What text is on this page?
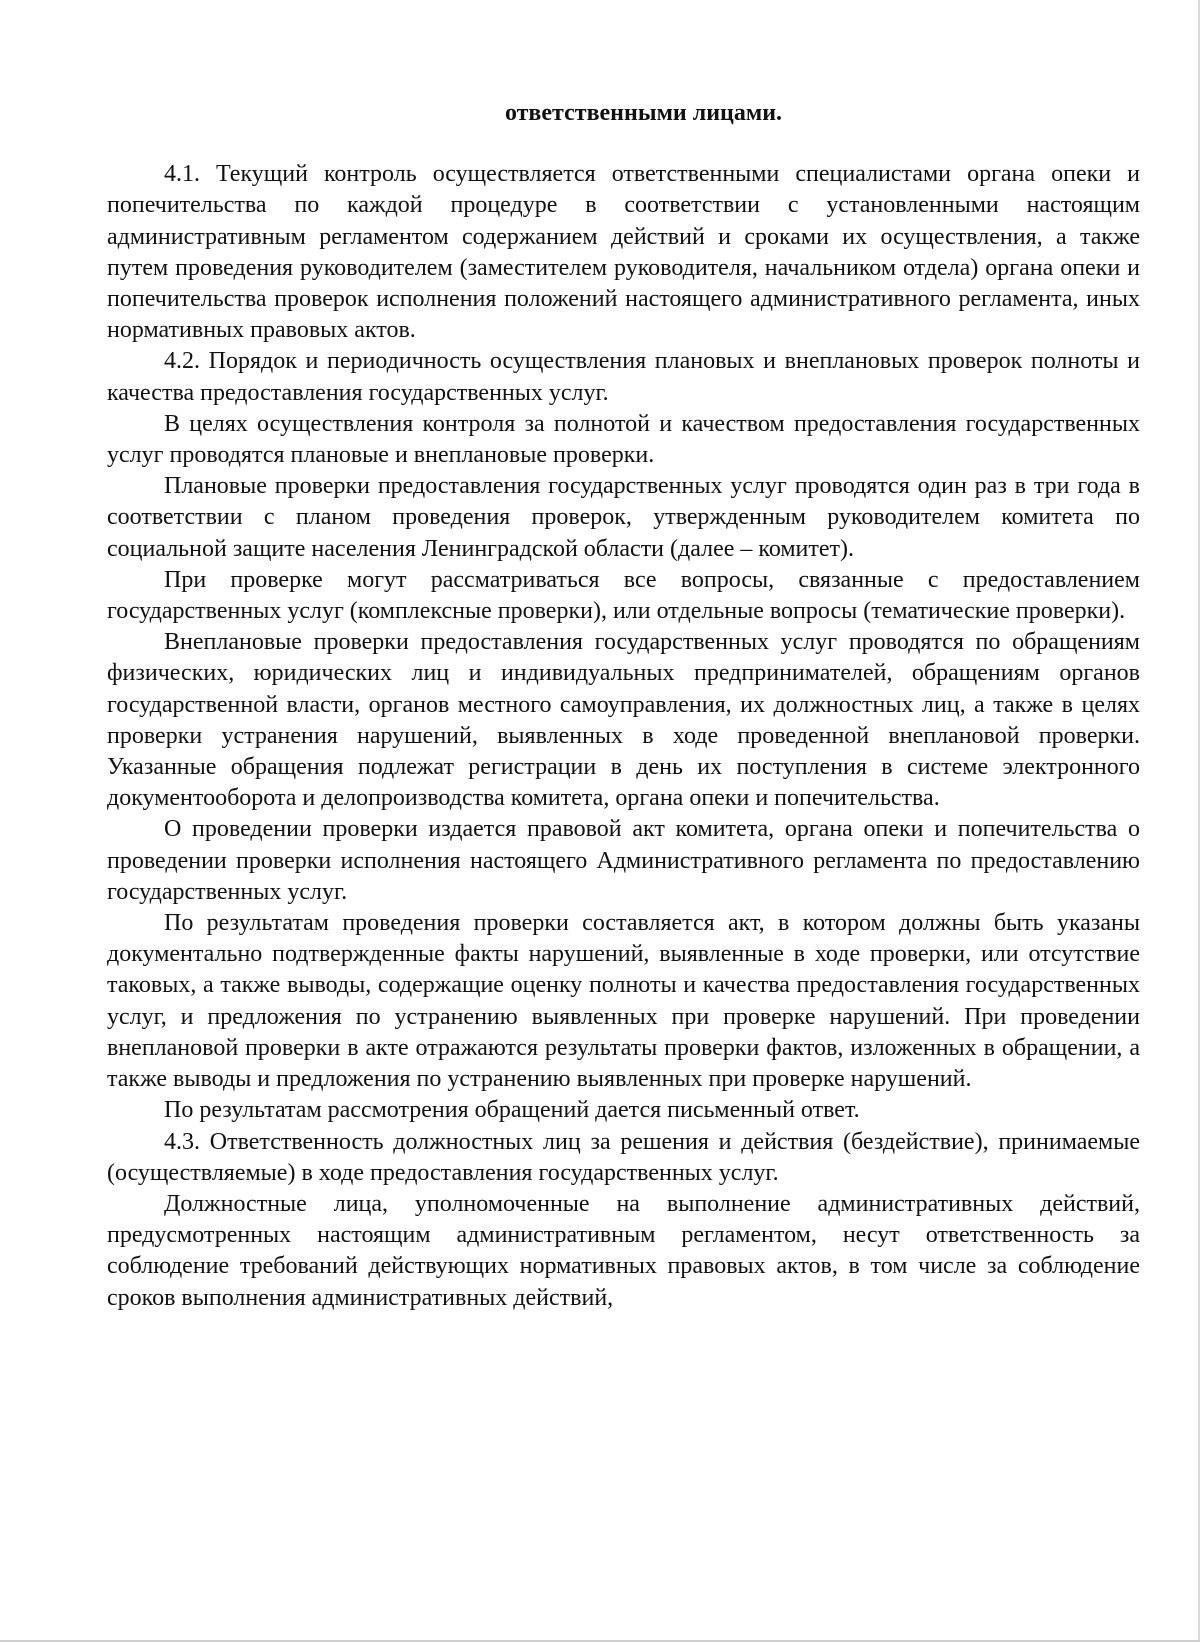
ответственными лицами.

4.1. Текущий контроль осуществляется ответственными специалистами органа опеки и попечительства по каждой процедуре в соответствии с установленными настоящим административным регламентом содержанием действий и сроками их осуществления, а также путем проведения руководителем (заместителем руководителя, начальником отдела) органа опеки и попечительства проверок исполнения положений настоящего административного регламента, иных нормативных правовых актов.

4.2. Порядок и периодичность осуществления плановых и внеплановых проверок полноты и качества предоставления государственных услуг.

В целях осуществления контроля за полнотой и качеством предоставления государственных услуг проводятся плановые и внеплановые проверки.

Плановые проверки предоставления государственных услуг проводятся один раз в три года в соответствии с планом проведения проверок, утвержденным руководителем комитета по социальной защите населения Ленинградской области (далее – комитет).

При проверке могут рассматриваться все вопросы, связанные с предоставлением государственных услуг (комплексные проверки), или отдельные вопросы (тематические проверки).

Внеплановые проверки предоставления государственных услуг проводятся по обращениям физических, юридических лиц и индивидуальных предпринимателей, обращениям органов государственной власти, органов местного самоуправления, их должностных лиц, а также в целях проверки устранения нарушений, выявленных в ходе проведенной внеплановой проверки. Указанные обращения подлежат регистрации в день их поступления в системе электронного документооборота и делопроизводства комитета, органа опеки и попечительства.

О проведении проверки издается правовой акт комитета, органа опеки и попечительства о проведении проверки исполнения настоящего Административного регламента по предоставлению государственных услуг.

По результатам проведения проверки составляется акт, в котором должны быть указаны документально подтвержденные факты нарушений, выявленные в ходе проверки, или отсутствие таковых, а также выводы, содержащие оценку полноты и качества предоставления государственных услуг, и предложения по устранению выявленных при проверке нарушений. При проведении внеплановой проверки в акте отражаются результаты проверки фактов, изложенных в обращении, а также выводы и предложения по устранению выявленных при проверке нарушений.

По результатам рассмотрения обращений дается письменный ответ.

4.3. Ответственность должностных лиц за решения и действия (бездействие), принимаемые (осуществляемые) в ходе предоставления государственных услуг.

Должностные лица, уполномоченные на выполнение административных действий, предусмотренных настоящим административным регламентом, несут ответственность за соблюдение требований действующих нормативных правовых актов, в том числе за соблюдение сроков выполнения административных действий,
